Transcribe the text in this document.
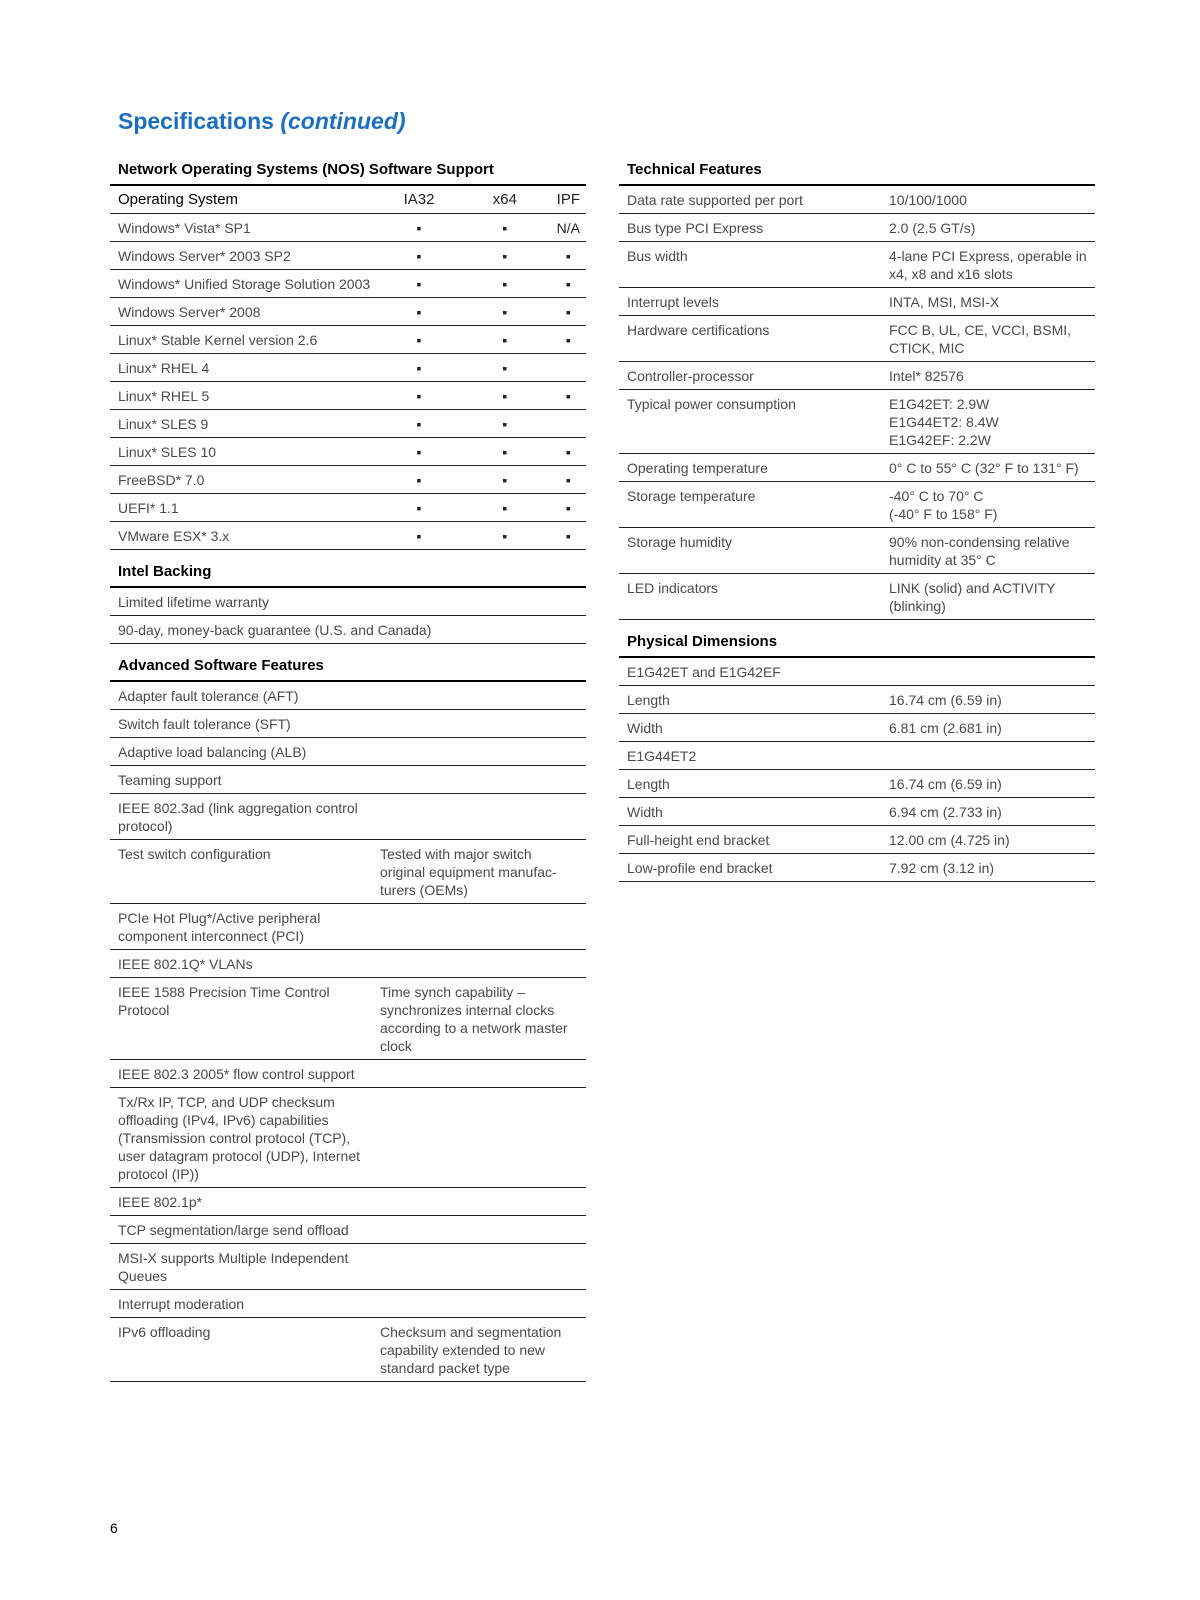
Specifications (continued)
Network Operating Systems (NOS) Software Support
Operating System	IA32	x64	IPF
Windows* Vista* SP1	▪	▪	N/A
Windows Server* 2003 SP2	▪	▪	▪
Windows* Unified Storage Solution 2003	▪	▪	▪
Windows Server* 2008	▪	▪	▪
Linux* Stable Kernel version 2.6	▪	▪	▪
Linux* RHEL 4	▪	▪	
Linux* RHEL 5	▪	▪	▪
Linux* SLES 9	▪	▪	
Linux* SLES 10	▪	▪	▪
FreeBSD* 7.0	▪	▪	▪
UEFI* 1.1	▪	▪	▪
VMware ESX* 3.x	▪	▪	▪
Intel Backing
Limited lifetime warranty
90-day, money-back guarantee (U.S. and Canada)
Advanced Software Features
Adapter fault tolerance (AFT)	
Switch fault tolerance (SFT)	
Adaptive load balancing (ALB)	
Teaming support	
IEEE 802.3ad (link aggregation control protocol)	
Test switch configuration	Tested with major switch original equipment manufac-turers (OEMs)
PCIe Hot Plug*/Active peripheral component interconnect (PCI)	
IEEE 802.1Q* VLANs	
IEEE 1588 Precision Time Control Protocol	Time synch capability – synchronizes internal clocks according to a network master clock
IEEE 802.3 2005* flow control support	
Tx/Rx IP, TCP, and UDP checksum offloading (IPv4, IPv6) capabilities (Transmission control protocol (TCP), user datagram protocol (UDP), Internet protocol (IP))	
IEEE 802.1p*	
TCP segmentation/large send offload	
MSI-X supports Multiple Independent Queues	
Interrupt moderation	
IPv6 offloading	Checksum and segmentation capability extended to new standard packet type
Technical Features
Data rate supported per port	10/100/1000
Bus type PCI Express	2.0 (2.5 GT/s)
Bus width	4-lane PCI Express, operable in x4, x8 and x16 slots
Interrupt levels	INTA, MSI, MSI-X
Hardware certifications	FCC B, UL, CE, VCCI, BSMI, CTICK, MIC
Controller-processor	Intel* 82576
Typical power consumption	E1G42ET: 2.9W
E1G44ET2: 8.4W
E1G42EF: 2.2W
Operating temperature	0° C to 55° C (32° F to 131° F)
Storage temperature	-40° C to 70° C
(-40° F to 158° F)
Storage humidity	90% non-condensing relative humidity at 35° C
LED indicators	LINK (solid) and ACTIVITY (blinking)
Physical Dimensions
E1G42ET and E1G42EF	
Length	16.74 cm (6.59 in)
Width	6.81 cm (2.681 in)
E1G44ET2	
Length	16.74 cm (6.59 in)
Width	6.94 cm (2.733 in)
Full-height end bracket	12.00 cm (4.725 in)
Low-profile end bracket	7.92 cm (3.12 in)
6
